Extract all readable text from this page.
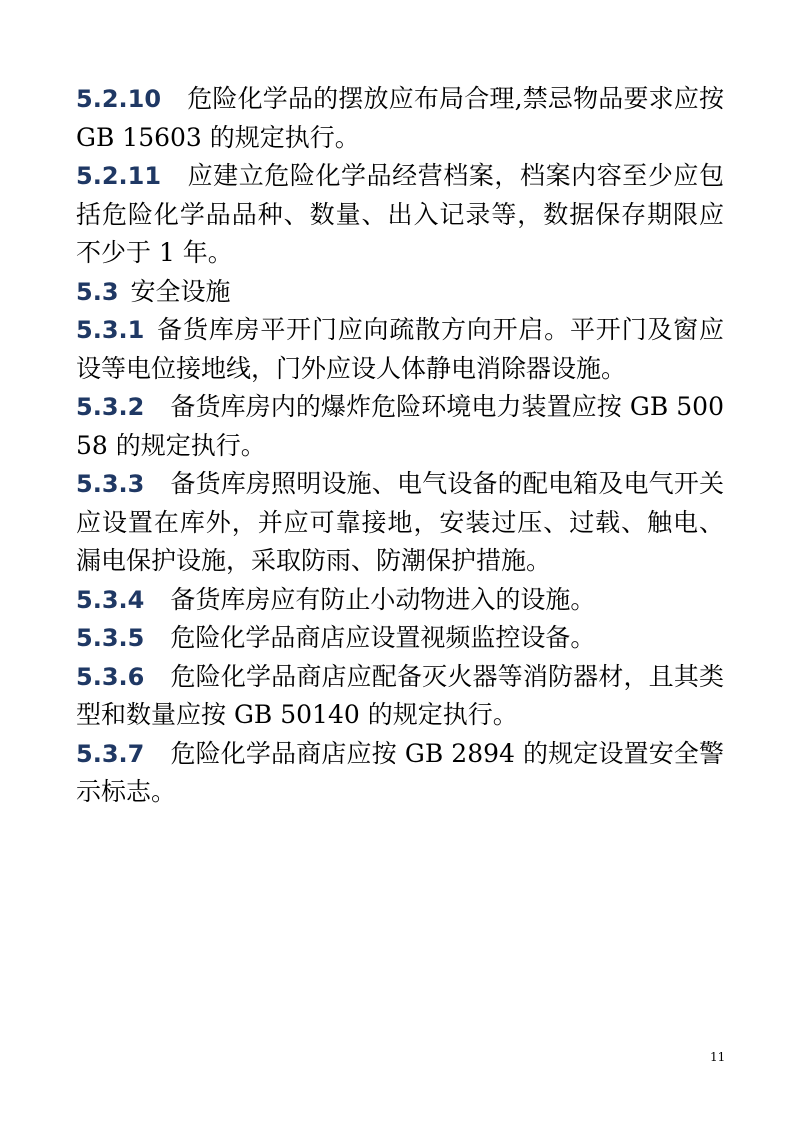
5.2.10 危险化学品的摆放应布局合理,禁忌物品要求应按 GB 15603 的规定执行。

5.2.11 应建立危险化学品经营档案，档案内容至少应包括危险化学品品种、数量、出入记录等，数据保存期限应不少于 1 年。

5.3 安全设施

5.3.1 备货库房平开门应向疏散方向开启。平开门及窗应设等电位接地线，门外应设人体静电消除器设施。

5.3.2 备货库房内的爆炸危险环境电力装置应按 GB 50058 的规定执行。

5.3.3 备货库房照明设施、电气设备的配电箱及电气开关应设置在库外，并应可靠接地，安装过压、过载、触电、漏电保护设施，采取防雨、防潮保护措施。

5.3.4 备货库房应有防止小动物进入的设施。

5.3.5 危险化学品商店应设置视频监控设备。

5.3.6 危险化学品商店应配备灭火器等消防器材，且其类型和数量应按 GB 50140 的规定执行。

5.3.7 危险化学品商店应按 GB 2894 的规定设置安全警示标志。

11
